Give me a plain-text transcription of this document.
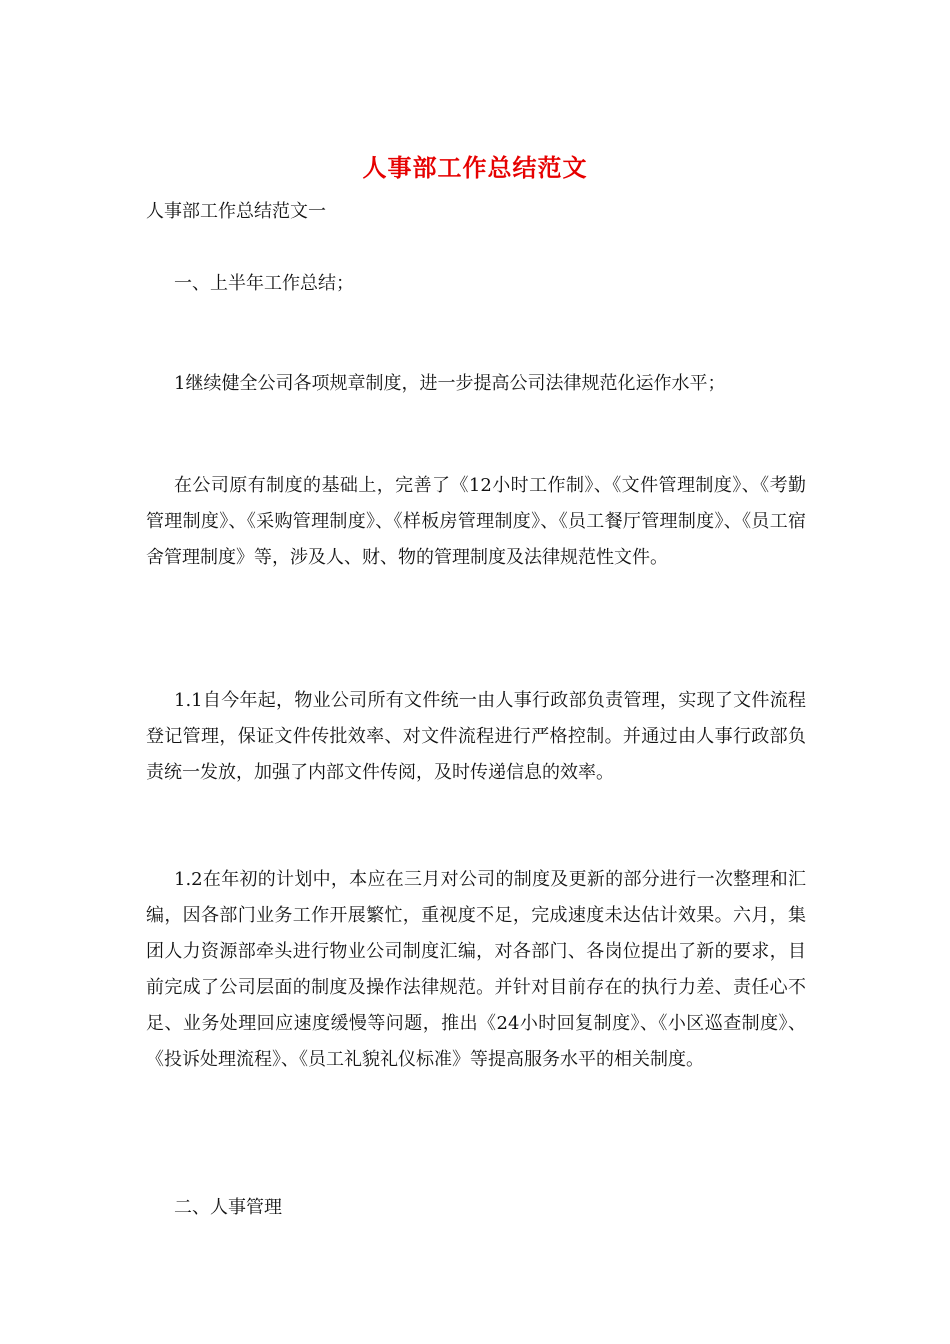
人事部工作总结范文
人事部工作总结范文一
一、上半年工作总结；
1继续健全公司各项规章制度，进一步提高公司法律规范化运作水平；
在公司原有制度的基础上，完善了《12小时工作制》、《文件管理制度》、《考勤管理制度》、《采购管理制度》、《样板房管理制度》、《员工餐厅管理制度》、《员工宿舍管理制度》等，涉及人、财、物的管理制度及法律规范性文件。
1.1自今年起，物业公司所有文件统一由人事行政部负责管理，实现了文件流程登记管理，保证文件传批效率、对文件流程进行严格控制。并通过由人事行政部负责统一发放，加强了内部文件传阅，及时传递信息的效率。
1.2在年初的计划中，本应在三月对公司的制度及更新的部分进行一次整理和汇编，因各部门业务工作开展繁忙，重视度不足，完成速度未达估计效果。六月，集团人力资源部牵头进行物业公司制度汇编，对各部门、各岗位提出了新的要求，目前完成了公司层面的制度及操作法律规范。并针对目前存在的执行力差、责任心不足、业务处理回应速度缓慢等问题，推出《24小时回复制度》、《小区巡查制度》、《投诉处理流程》、《员工礼貌礼仪标准》等提高服务水平的相关制度。
二、人事管理
